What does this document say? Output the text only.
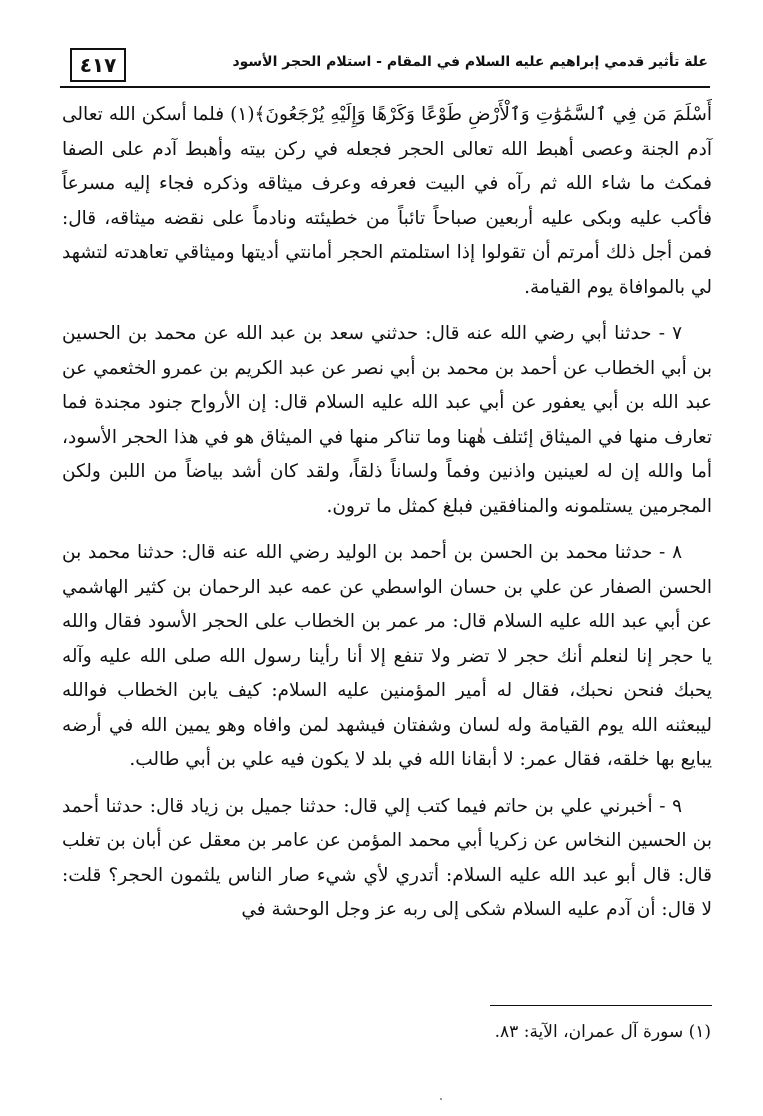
٤١٧	علة تأثير قدمي إبراهيم عليه السلام في المقام - استلام الحجر الأسود

أَسْلَمَ مَن فِي ٱلسَّمَٰوَٰتِ وَٱلْأَرْضِ طَوْعًا وَكَرْهًا وَإِلَيْهِ يُرْجَعُونَ﴾(١) فلما أسكن الله تعالى آدم الجنة وعصى أهبط الله تعالى الحجر فجعله في ركن بيته وأهبط آدم على الصفا فمكث ما شاء الله ثم رآه في البيت فعرفه وعرف ميثاقه وذكره فجاء إليه مسرعاً فأكب عليه وبكى عليه أربعين صباحاً تائباً من خطيئته ونادماً على نقضه ميثاقه، قال: فمن أجل ذلك أمرتم أن تقولوا إذا استلمتم الحجر أمانتي أديتها وميثاقي تعاهدته لتشهد لي بالموافاة يوم القيامة.

٧ - حدثنا أبي رضي الله عنه قال: حدثني سعد بن عبد الله عن محمد بن الحسين بن أبي الخطاب عن أحمد بن محمد بن أبي نصر عن عبد الكريم بن عمرو الخثعمي عن عبد الله بن أبي يعفور عن أبي عبد الله عليه السلام قال: إن الأرواح جنود مجندة فما تعارف منها في الميثاق إئتلف هٰهنا وما تناكر منها في الميثاق هو في هذا الحجر الأسود، أما والله إن له لعينين واذنين وفماً ولساناً ذلقاً، ولقد كان أشد بياضاً من اللبن ولكن المجرمين يستلمونه والمنافقين فبلغ كمثل ما ترون.

٨ - حدثنا محمد بن الحسن بن أحمد بن الوليد رضي الله عنه قال: حدثنا محمد بن الحسن الصفار عن علي بن حسان الواسطي عن عمه عبد الرحمان بن كثير الهاشمي عن أبي عبد الله عليه السلام قال: مر عمر بن الخطاب على الحجر الأسود فقال والله يا حجر إنا لنعلم أنك حجر لا تضر ولا تنفع إلا أنا رأينا رسول الله صلى الله عليه وآله يحبك فنحن نحبك، فقال له أمير المؤمنين عليه السلام: كيف يابن الخطاب فوالله ليبعثنه الله يوم القيامة وله لسان وشفتان فيشهد لمن وافاه وهو يمين الله في أرضه يبايع بها خلقه، فقال عمر: لا أبقانا الله في بلد لا يكون فيه علي بن أبي طالب.

٩ - أخبرني علي بن حاتم فيما كتب إلي قال: حدثنا جميل بن زياد قال: حدثنا أحمد بن الحسين النخاس عن زكريا أبي محمد المؤمن عن عامر بن معقل عن أبان بن تغلب قال: قال أبو عبد الله عليه السلام: أتدري لأي شيء صار الناس يلثمون الحجر؟ قلت: لا قال: أن آدم عليه السلام شكى إلى ربه عز وجل الوحشة في

(١) سورة آل عمران، الآية: ٨٣.
